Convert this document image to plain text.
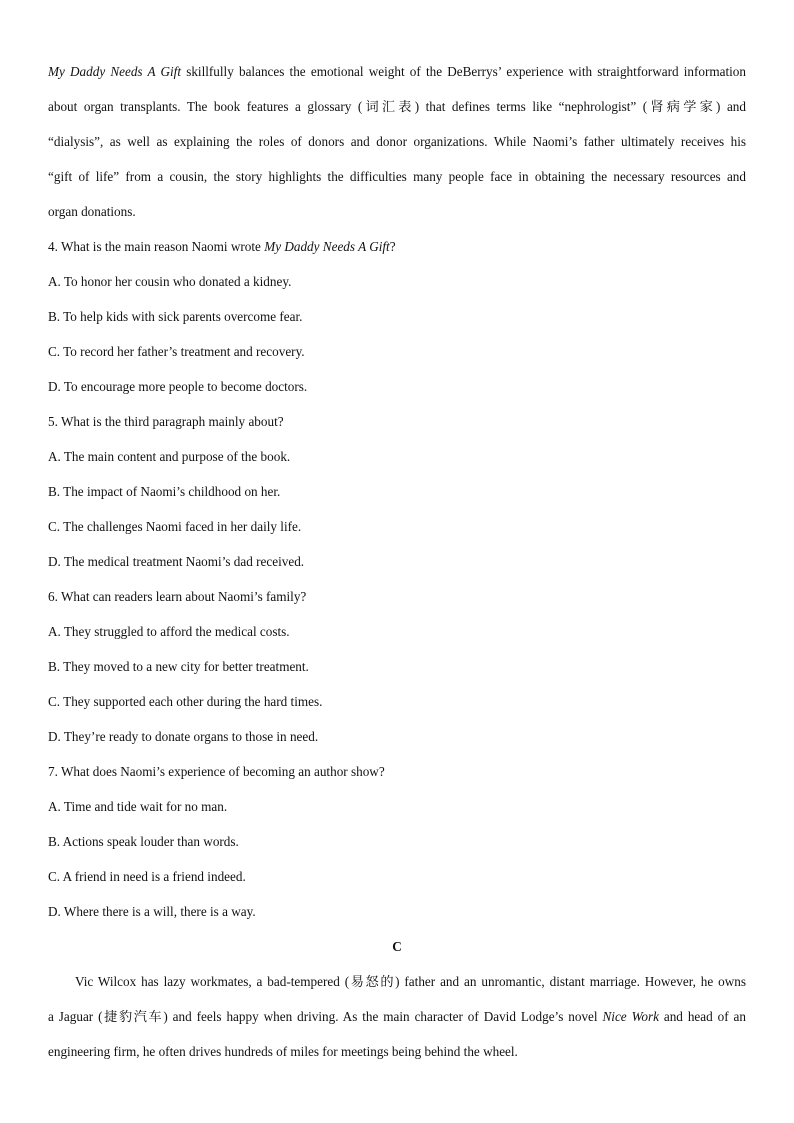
My Daddy Needs A Gift skillfully balances the emotional weight of the DeBerrys’ experience with straightforward information
about organ transplants. The book features a glossary (词汇表) that defines terms like “nephrologist” (肾病学家) and
“dialysis”, as well as explaining the roles of donors and donor organizations. While Naomi’s father ultimately receives his
“gift of life” from a cousin, the story highlights the difficulties many people face in obtaining the necessary resources and
organ donations.
4. What is the main reason Naomi wrote My Daddy Needs A Gift?
A. To honor her cousin who donated a kidney.
B. To help kids with sick parents overcome fear.
C. To record her father’s treatment and recovery.
D. To encourage more people to become doctors.
5. What is the third paragraph mainly about?
A. The main content and purpose of the book.
B. The impact of Naomi’s childhood on her.
C. The challenges Naomi faced in her daily life.
D. The medical treatment Naomi’s dad received.
6. What can readers learn about Naomi’s family?
A. They struggled to afford the medical costs.
B. They moved to a new city for better treatment.
C. They supported each other during the hard times.
D. They’re ready to donate organs to those in need.
7. What does Naomi’s experience of becoming an author show?
A. Time and tide wait for no man.
B. Actions speak louder than words.
C. A friend in need is a friend indeed.
D. Where there is a will, there is a way.
C
Vic Wilcox has lazy workmates, a bad-tempered (易怒的) father and an unromantic, distant marriage. However, he owns
a Jaguar (捷豹汽车) and feels happy when driving. As the main character of David Lodge’s novel Nice Work and head of an
engineering firm, he often drives hundreds of miles for meetings being behind the wheel.
